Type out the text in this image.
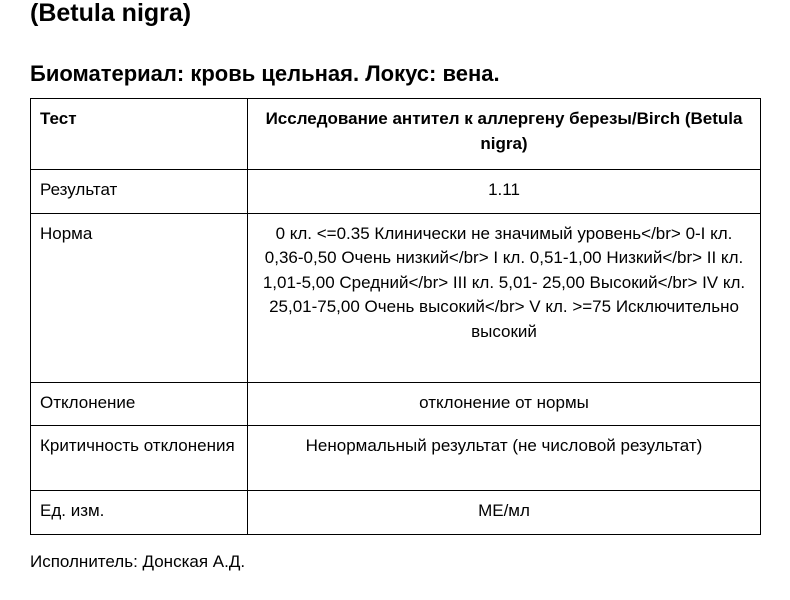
(Betula nigra)
Биоматериал: кровь цельная. Локус: вена.
Тест	Исследование антител к аллергену березы/Birch (Betula nigra)
Результат	1.11
Норма	0 кл. <=0.35 Клинически не значимый уровень</br> 0-I кл. 0,36-0,50 Очень низкий</br> I кл. 0,51-1,00 Низкий</br> II кл. 1,01-5,00 Средний</br> III кл. 5,01- 25,00 Высокий</br> IV кл. 25,01-75,00 Очень высокий</br> V кл. >=75 Исключительно высокий
Отклонение	отклонение от нормы
Критичность отклонения	Ненормальный результат (не числовой результат)
Ед. изм.	МЕ/мл
Исполнитель: Донская А.Д.
